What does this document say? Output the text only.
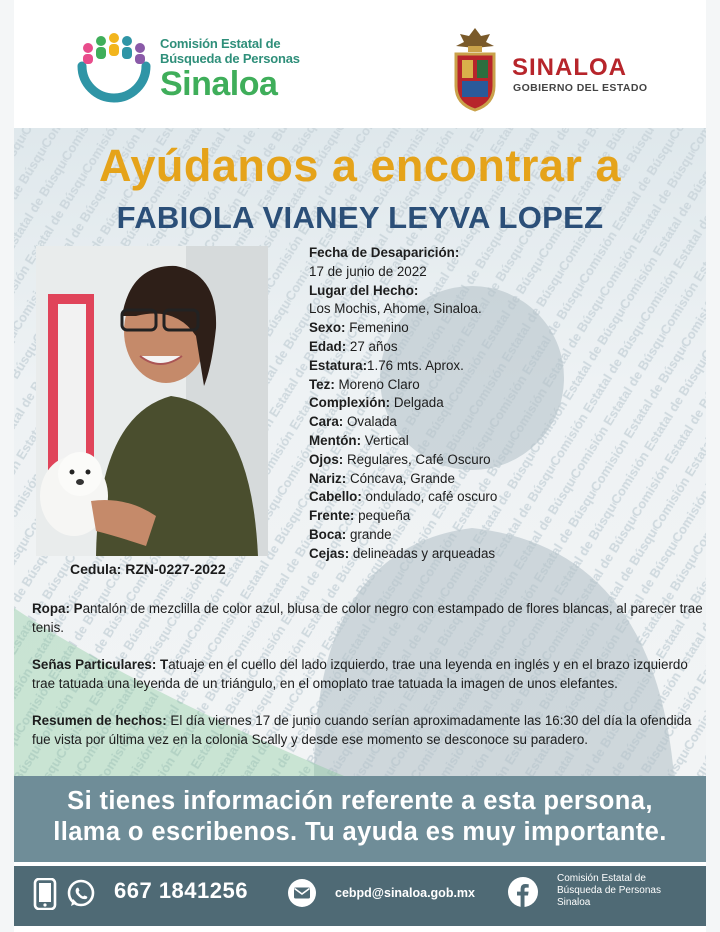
Comisión Estatal de
Búsqueda de Personas
Sinaloa	SINALOA
GOBIERNO DEL ESTADO
Ayúdanos a encontrar a
FABIOLA VIANEY LEYVA LOPEZ
Cedula: RZN-0227-2022
Fecha de Desaparición:
17 de junio de 2022
Lugar del Hecho:
Los Mochis, Ahome, Sinaloa.
Sexo: Femenino
Edad: 27 años
Estatura:1.76 mts. Aprox.
Tez: Moreno Claro
Complexión: Delgada
Cara: Ovalada
Mentón: Vertical
Ojos: Regulares, Café Oscuro
Nariz: Cóncava, Grande
Cabello: ondulado, café oscuro
Frente: pequeña
Boca: grande
Cejas: delineadas y arqueadas
Ropa: Pantalón de mezclilla de color azul, blusa de color negro con estampado de flores blancas, al parecer trae tenis.
Señas Particulares: Tatuaje en el cuello del lado izquierdo, trae una leyenda en inglés y en el brazo izquierdo trae tatuada una leyenda de un triángulo, en el omoplato trae tatuada la imagen de unos elefantes.
Resumen de hechos: El día viernes 17 de junio cuando serían aproximadamente las 16:30 del día la ofendida fue vista por última vez en la colonia Scally y desde ese momento se desconoce su paradero.
Si tienes información referente a esta persona,
llama o escribenos. Tu ayuda es muy importante.
667 1841256	cebpd@sinaloa.gob.mx
Comisión Estatal de
Búsqueda de Personas
Sinaloa
